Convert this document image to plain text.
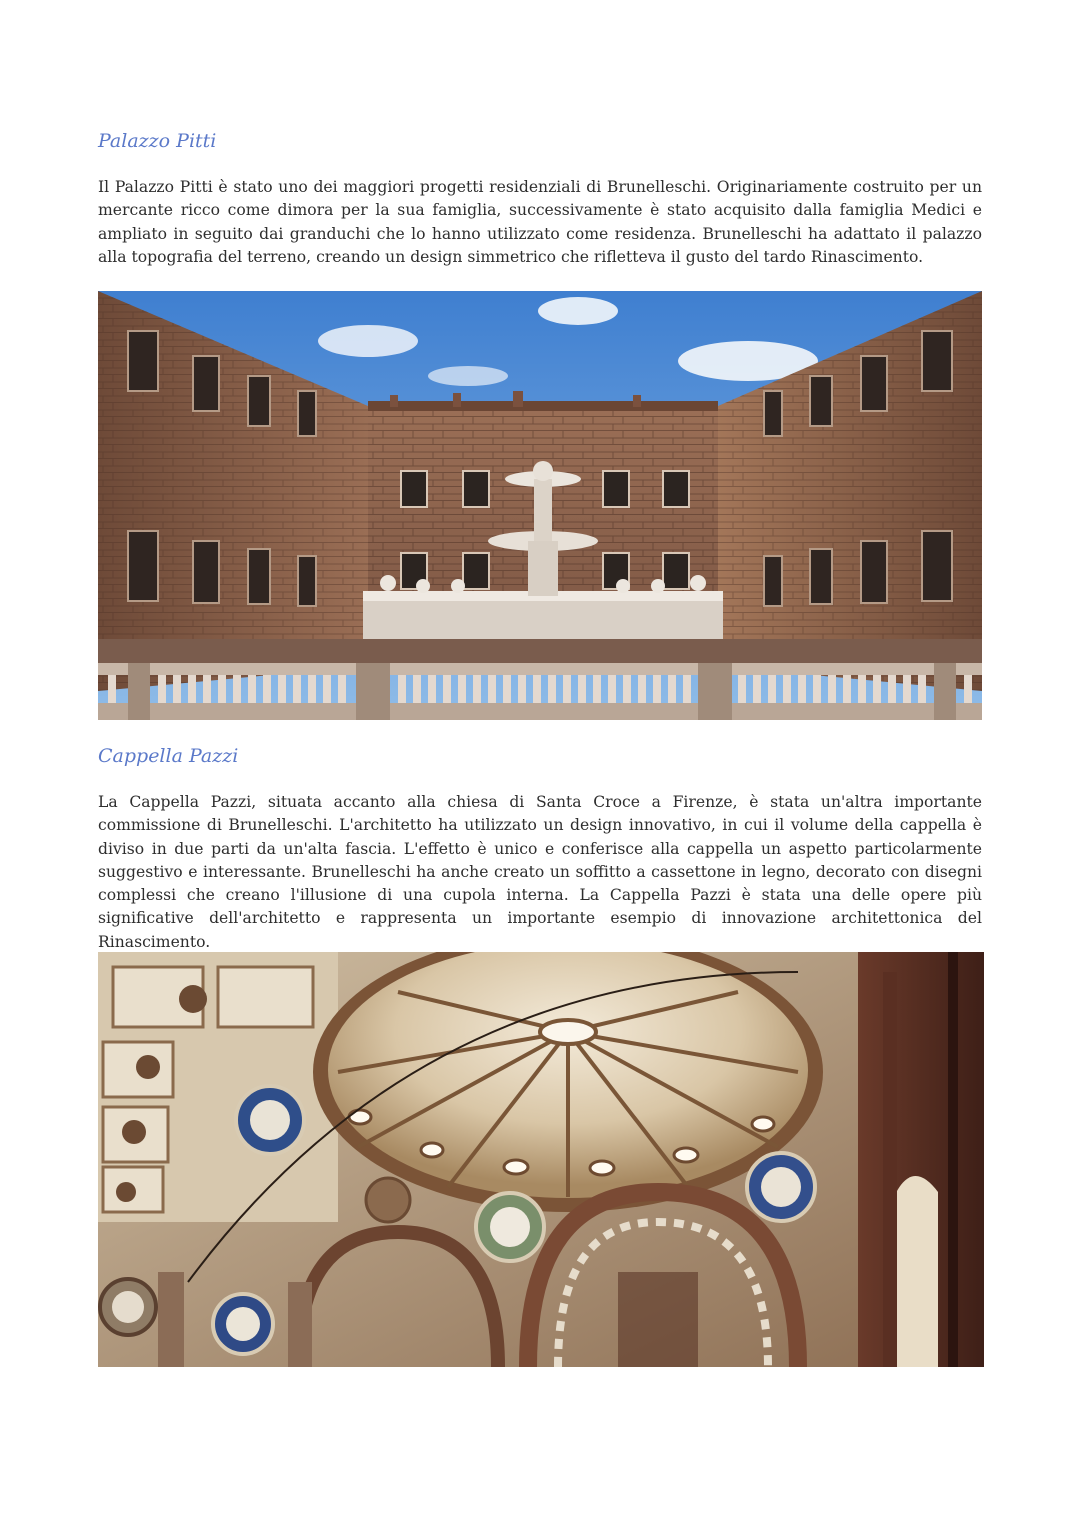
Palazzo Pitti

Il Palazzo Pitti è stato uno dei maggiori progetti residenziali di Brunelleschi. Originariamente costruito per un mercante ricco come dimora per la sua famiglia, successivamente è stato acquisito dalla famiglia Medici e ampliato in seguito dai granduchi che lo hanno utilizzato come residenza. Brunelleschi ha adattato il palazzo alla topografia del terreno, creando un design simmetrico che rifletteva il gusto del tardo Rinascimento.

Cappella Pazzi

La Cappella Pazzi, situata accanto alla chiesa di Santa Croce a Firenze, è stata un'altra importante commissione di Brunelleschi. L'architetto ha utilizzato un design innovativo, in cui il volume della cappella è diviso in due parti da un'alta fascia. L'effetto è unico e conferisce alla cappella un aspetto particolarmente suggestivo e interessante. Brunelleschi ha anche creato un soffitto a cassettone in legno, decorato con disegni complessi che creano l'illusione di una cupola interna. La Cappella Pazzi è stata una delle opere più significative dell'architetto e rappresenta un importante esempio di innovazione architettonica del Rinascimento.
